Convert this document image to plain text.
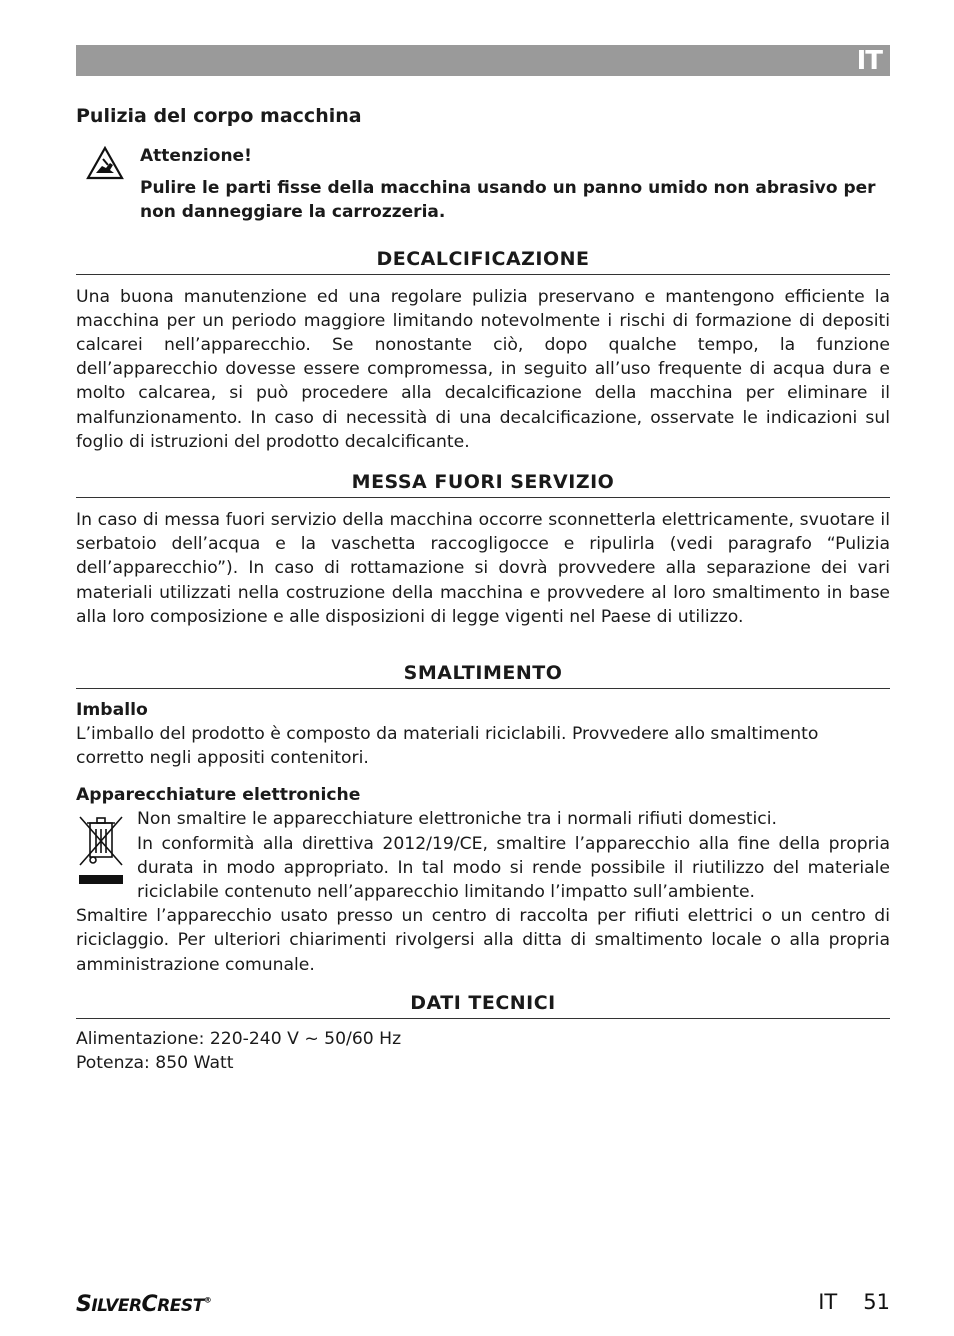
IT

Pulizia del corpo macchina

Attenzione!

Pulire le parti fisse della macchina usando un panno umido non abrasivo per non danneggiare la carrozzeria.

DECALCIFICAZIONE

Una buona manutenzione ed una regolare pulizia preservano e mantengono efficiente la macchina per un periodo maggiore limitando notevolmente i rischi di formazione di depositi calcarei nell’apparecchio. Se nonostante ciò, dopo qualche tempo, la funzione dell’apparecchio dovesse essere compromessa, in seguito all’uso frequente di acqua dura e molto calcarea, si può procedere alla decalcificazione della macchina per eliminare il malfunzionamento. In caso di necessità di una decalcificazione, osservate le indicazioni sul foglio di istruzioni del prodotto decalcificante.

MESSA FUORI SERVIZIO

In caso di messa fuori servizio della macchina occorre sconnetterla elettricamente, svuotare il serbatoio dell’acqua e la vaschetta raccogligocce e ripulirla (vedi paragrafo “Pulizia dell’apparecchio”). In caso di rottamazione si dovrà provvedere alla separazione dei vari materiali utilizzati nella costruzione della macchina e provvedere al loro smaltimento in base alla loro composizione e alle disposizioni di legge vigenti nel Paese di utilizzo.

SMALTIMENTO

Imballo

L’imballo del prodotto è composto da materiali riciclabili. Provvedere allo smaltimento corretto negli appositi contenitori.

Apparecchiature elettroniche

Non smaltire le apparecchiature elettroniche tra i normali rifiuti domestici.

In conformità alla direttiva 2012/19/CE, smaltire l’apparecchio alla fine della propria durata in modo appropriato. In tal modo si rende possibile il riutilizzo del materiale riciclabile contenuto nell’apparecchio limitando l’impatto sull’ambiente.

Smaltire l’apparecchio usato presso un centro di raccolta per rifiuti elettrici o un centro di riciclaggio. Per ulteriori chiarimenti rivolgersi alla ditta di smaltimento locale o alla propria amministrazione comunale.

DATI TECNICI
Alimentazione: 220-240 V ~ 50/60 Hz
Potenza: 850 Watt
SILVERCREST®	IT 51
